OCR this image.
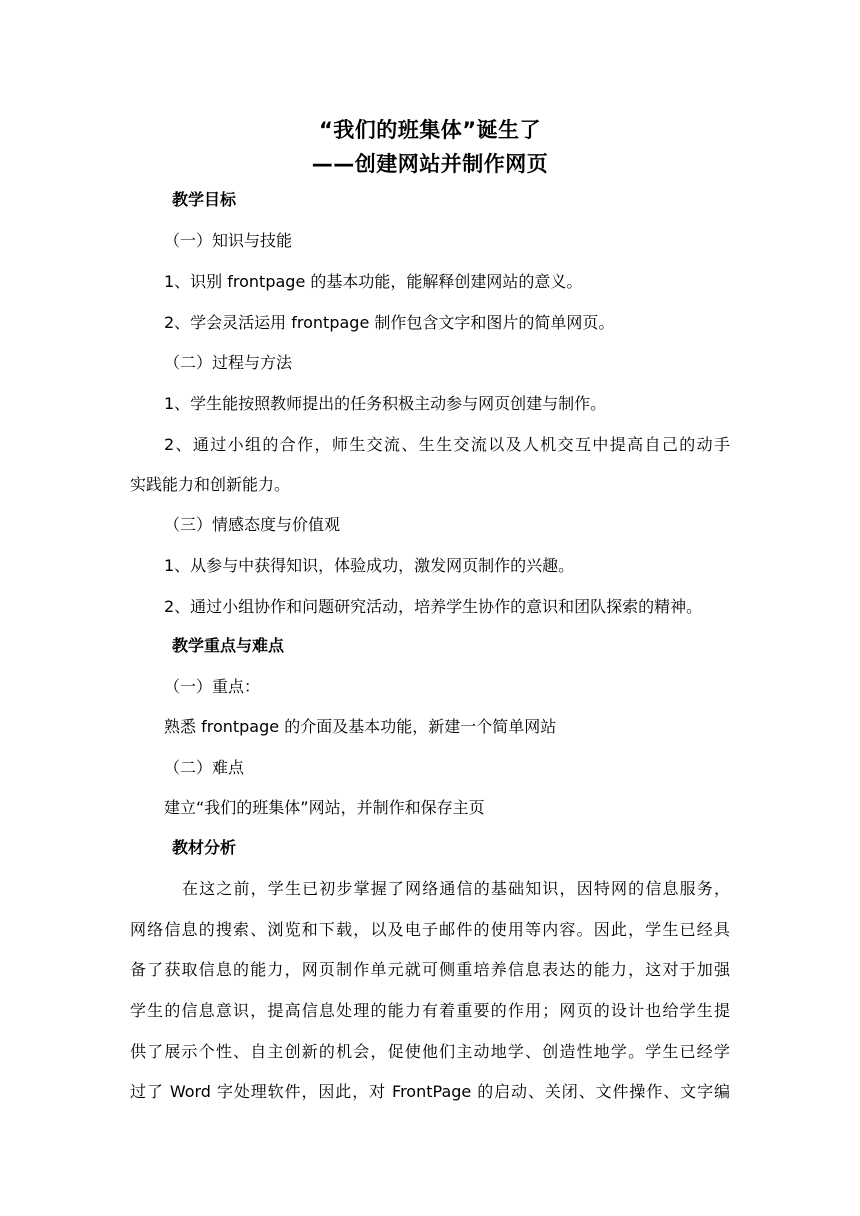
“我们的班集体”诞生了
——创建网站并制作网页
教学目标
（一）知识与技能
1、识别 frontpage 的基本功能，能解释创建网站的意义。
2、学会灵活运用 frontpage 制作包含文字和图片的简单网页。
（二）过程与方法
1、学生能按照教师提出的任务积极主动参与网页创建与制作。
2、通过小组的合作，师生交流、生生交流以及人机交互中提高自己的动手
实践能力和创新能力。
（三）情感态度与价值观
1、从参与中获得知识，体验成功，激发网页制作的兴趣。
2、通过小组协作和问题研究活动，培养学生协作的意识和团队探索的精神。
教学重点与难点
（一）重点：
熟悉 frontpage 的介面及基本功能，新建一个简单网站
（二）难点
建立“我们的班集体”网站，并制作和保存主页
教材分析
在这之前，学生已初步掌握了网络通信的基础知识，因特网的信息服务，
网络信息的搜索、浏览和下载，以及电子邮件的使用等内容。因此，学生已经具
备了获取信息的能力，网页制作单元就可侧重培养信息表达的能力，这对于加强
学生的信息意识，提高信息处理的能力有着重要的作用；网页的设计也给学生提
供了展示个性、自主创新的机会，促使他们主动地学、创造性地学。学生已经学
过了 Word 字处理软件，因此，对 FrontPage 的启动、关闭、文件操作、文字编
